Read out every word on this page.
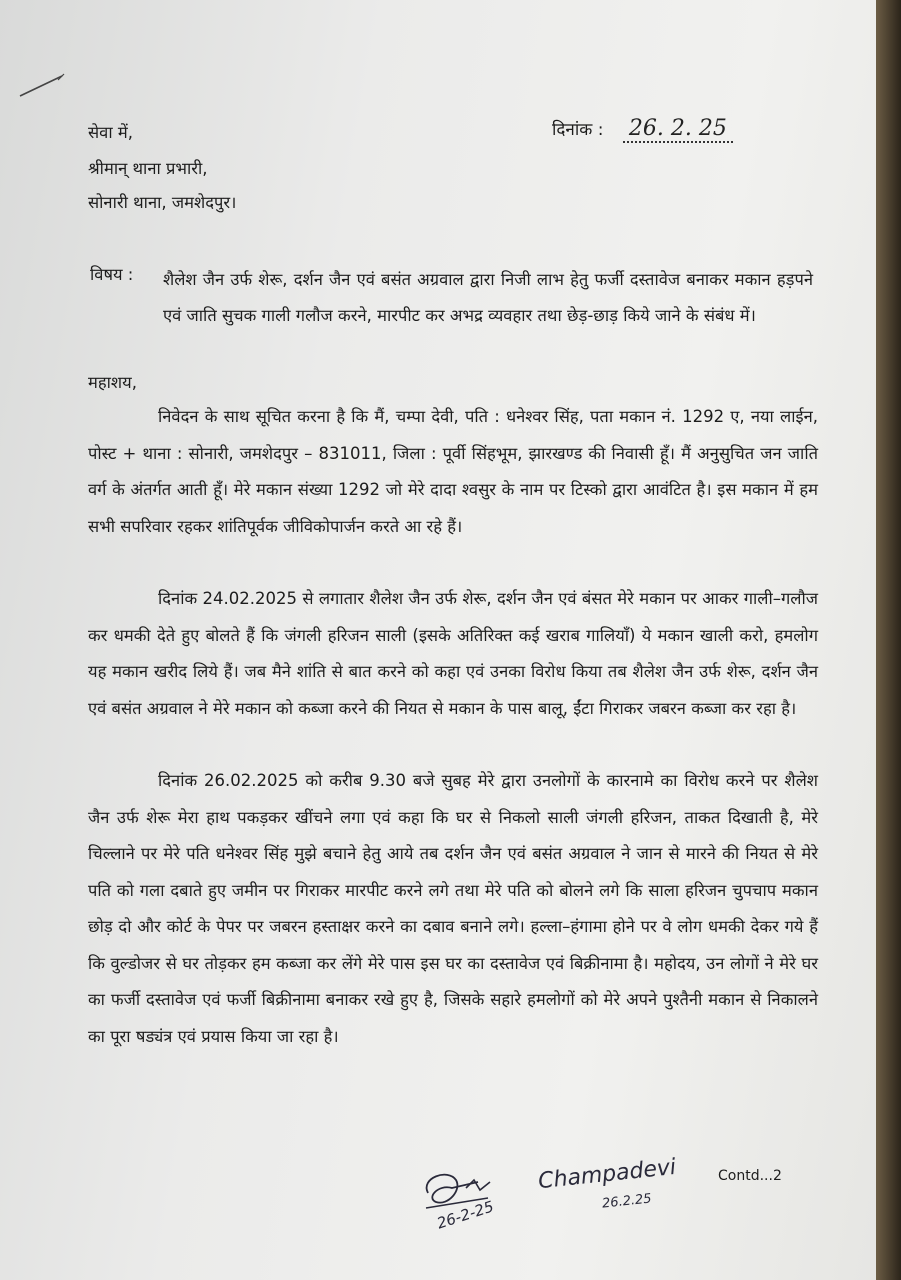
दिनांक : 26. 2. 25
सेवा में,
श्रीमान् थाना प्रभारी,
सोनारी थाना, जमशेदपुर।
विषय : शैलेश जैन उर्फ शेरू, दर्शन जैन एवं बसंत अग्रवाल द्वारा निजी लाभ हेतु फर्जी दस्तावेज बनाकर मकान हड़पने एवं जाति सुचक गाली गलौज करने, मारपीट कर अभद्र व्यवहार तथा छेड़-छाड़ किये जाने के संबंध में।
महाशय,
निवेदन के साथ सूचित करना है कि मैं, चम्पा देवी, पति : धनेश्वर सिंह, पता मकान नं. 1292 ए, नया लाईन, पोस्ट + थाना : सोनारी, जमशेदपुर – 831011, जिला : पूर्वी सिंहभूम, झारखण्ड की निवासी हूँ। मैं अनुसुचित जन जाति वर्ग के अंतर्गत आती हूँ। मेरे मकान संख्या 1292 जो मेरे दादा श्वसुर के नाम पर टिस्को द्वारा आवंटित है। इस मकान में हम सभी सपरिवार रहकर शांतिपूर्वक जीविकोपार्जन करते आ रहे हैं।
दिनांक 24.02.2025 से लगातार शैलेश जैन उर्फ शेरू, दर्शन जैन एवं बंसत मेरे मकान पर आकर गाली–गलौज कर धमकी देते हुए बोलते हैं कि जंगली हरिजन साली (इसके अतिरिक्त कई खराब गालियाँ) ये मकान खाली करो, हमलोग यह मकान खरीद लिये हैं। जब मैने शांति से बात करने को कहा एवं उनका विरोध किया तब शैलेश जैन उर्फ शेरू, दर्शन जैन एवं बसंत अग्रवाल ने मेरे मकान को कब्जा करने की नियत से मकान के पास बालू, ईंटा गिराकर जबरन कब्जा कर रहा है।
दिनांक 26.02.2025 को करीब 9.30 बजे सुबह मेरे द्वारा उनलोगों के कारनामे का विरोध करने पर शैलेश जैन उर्फ शेरू मेरा हाथ पकड़कर खींचने लगा एवं कहा कि घर से निकलो साली जंगली हरिजन, ताकत दिखाती है, मेरे चिल्लाने पर मेरे पति धनेश्वर सिंह मुझे बचाने हेतु आये तब दर्शन जैन एवं बसंत अग्रवाल ने जान से मारने की नियत से मेरे पति को गला दबाते हुए जमीन पर गिराकर मारपीट करने लगे तथा मेरे पति को बोलने लगे कि साला हरिजन चुपचाप मकान छोड़ दो और कोर्ट के पेपर पर जबरन हस्ताक्षर करने का दबाव बनाने लगे। हल्ला–हंगामा होने पर वे लोग धमकी देकर गये हैं कि वुल्डोजर से घर तोड़कर हम कब्जा कर लेंगे मेरे पास इस घर का दस्तावेज एवं बिक्रीनामा है। महोदय, उन लोगों ने मेरे घर का फर्जी दस्तावेज एवं फर्जी बिक्रीनामा बनाकर रखे हुए है, जिसके सहारे हमलोगों को मेरे अपने पुश्तैनी मकान से निकालने का पूरा षड्यंत्र एवं प्रयास किया जा रहा है।
26-2-25
Champadevi
26.2.25
Contd...2
